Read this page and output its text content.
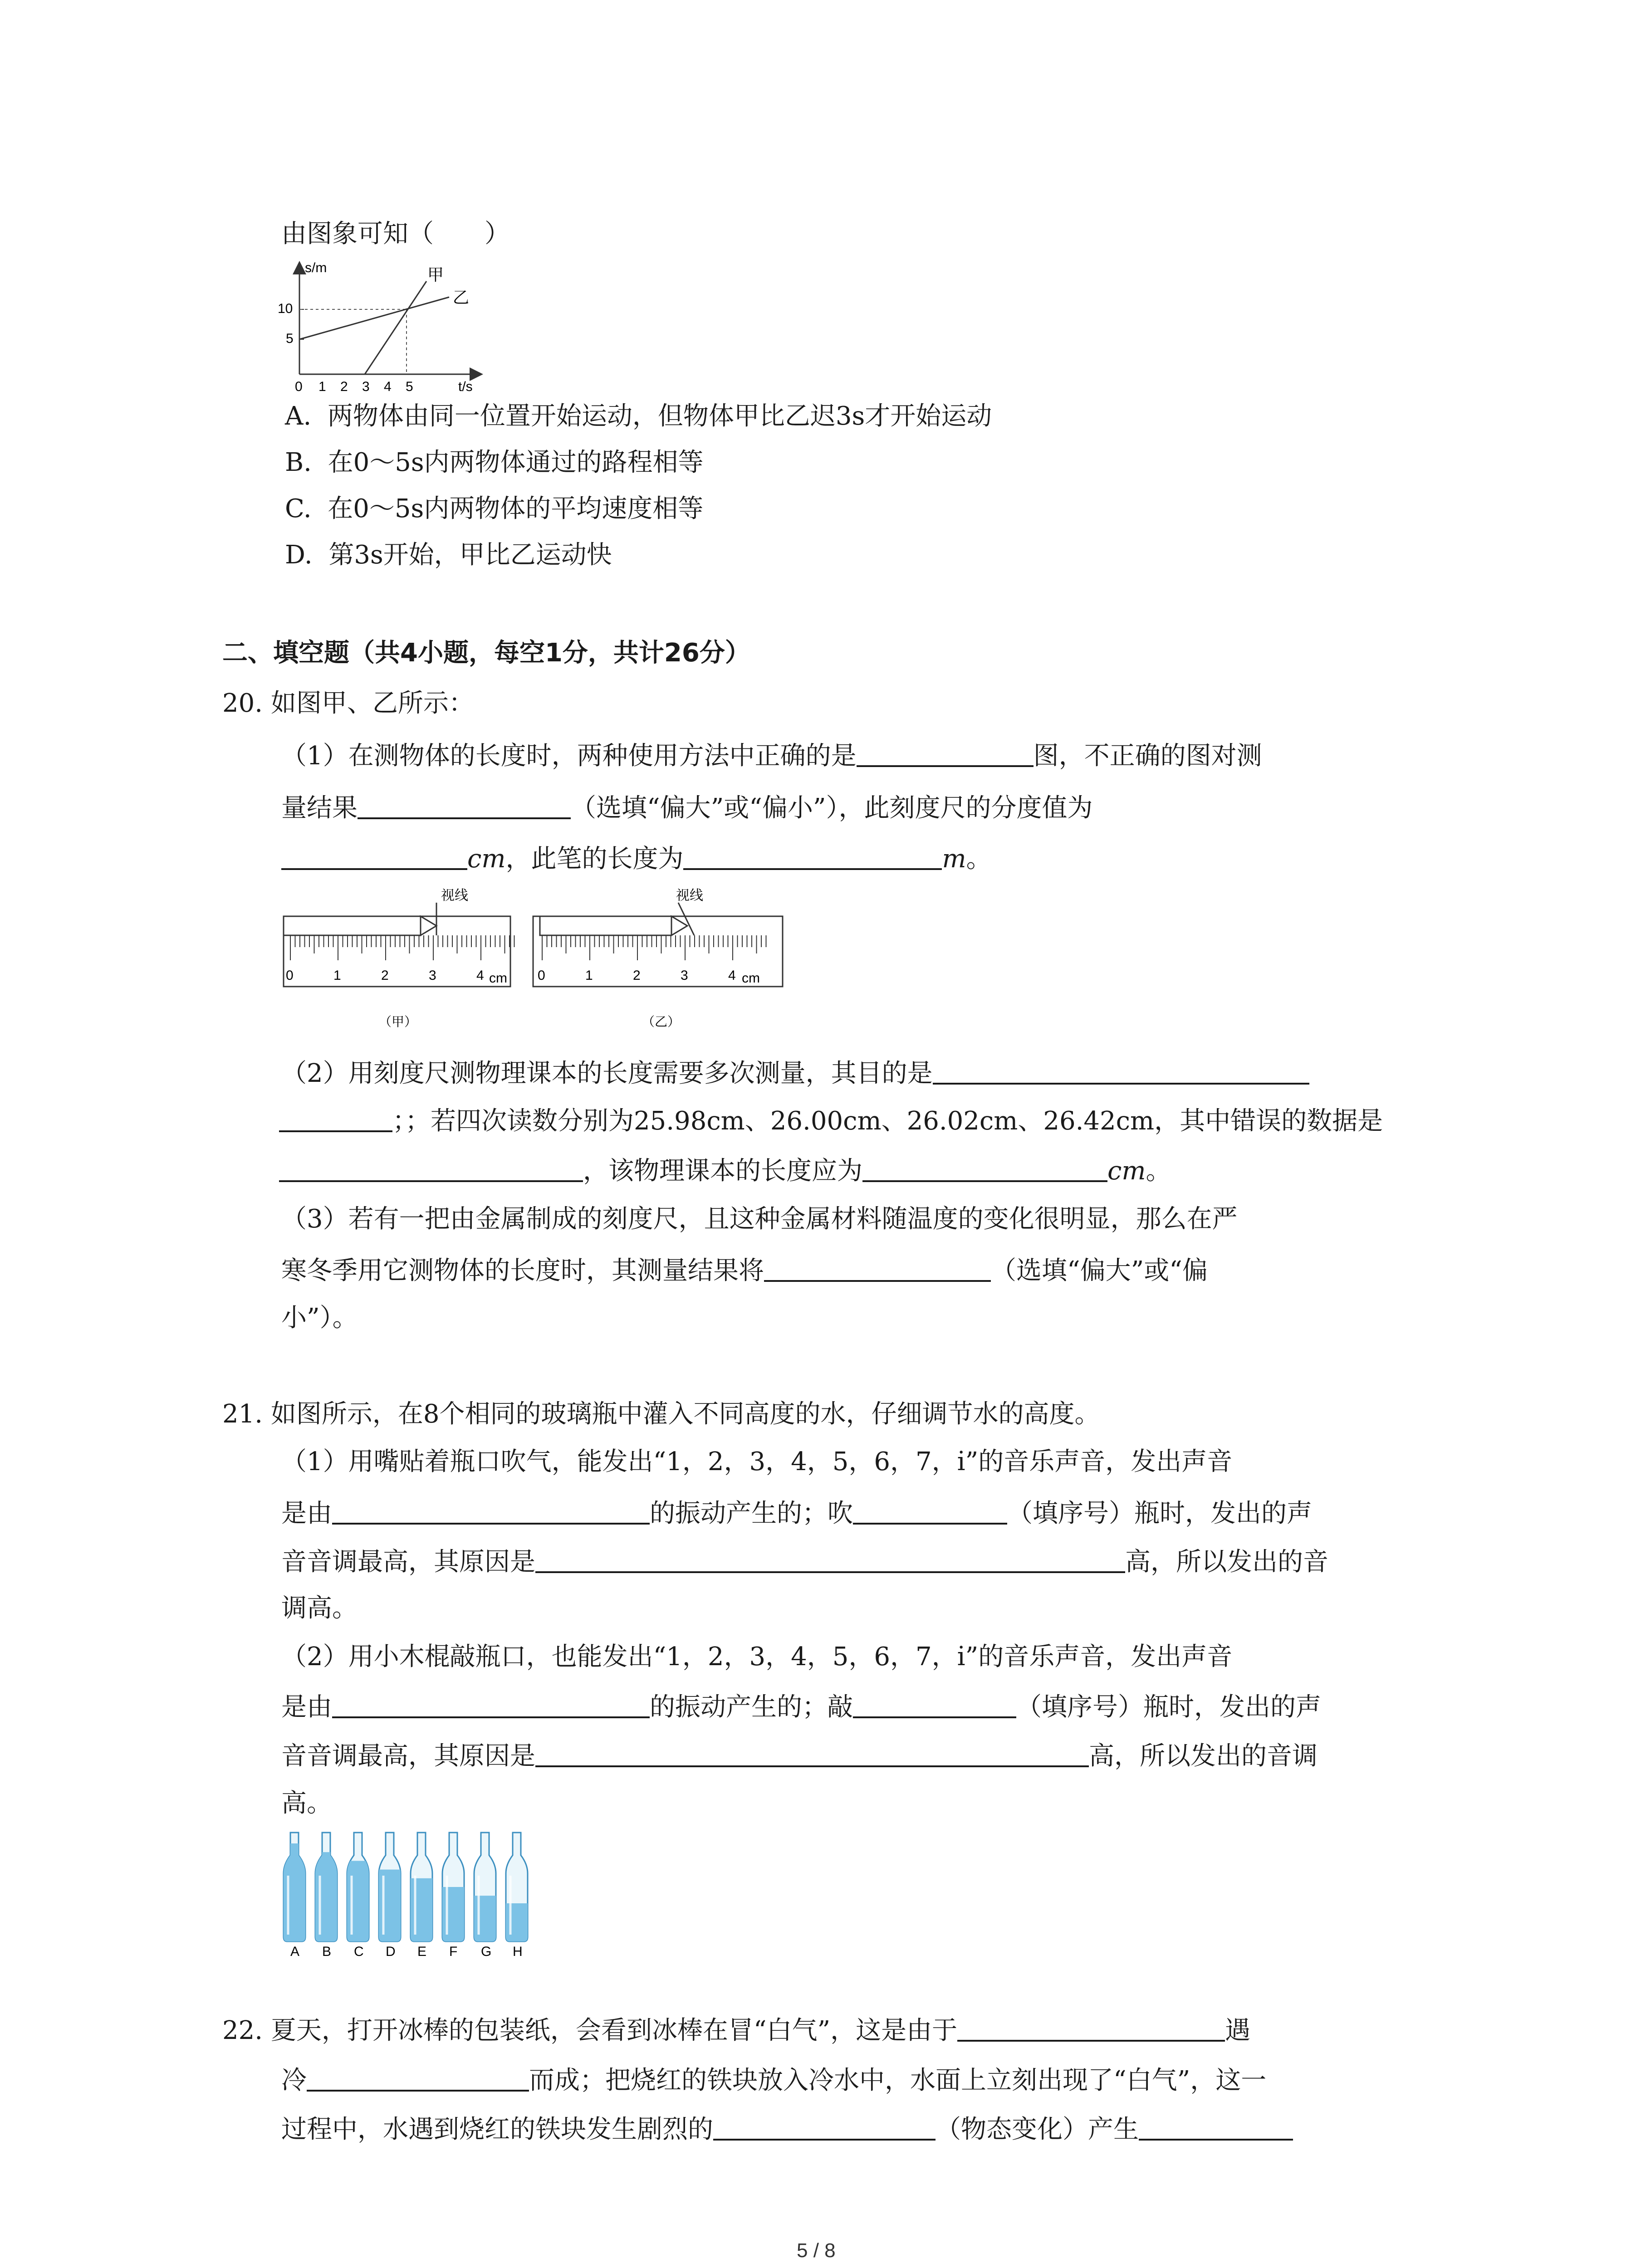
由图象可知（　　）
s/m
t/s
5
10
0 1 2 3 4 5
甲
乙
A. 两物体由同一位置开始运动，但物体甲比乙迟3s才开始运动
B. 在0～5s内两物体通过的路程相等
C. 在0～5s内两物体的平均速度相等
D. 第3s开始，甲比乙运动快
二、填空题（共4小题，每空1分，共计26分）
20. 如图甲、乙所示：
（1）在测物体的长度时，两种使用方法中正确的是	图，不正确的图对测
量结果	（选填“偏大”或“偏小”），此刻度尺的分度值为
cm，此笔的长度为	m。
视线
0	1	2	3	4 cm
（甲）
视线
0	1	2	3	4 cm
（乙）
（2）用刻度尺测物理课本的长度需要多次测量，其目的是
；；若四次读数分别为25.98cm、26.00cm、26.02cm、26.42cm，其中错误的数据是
，该物理课本的长度应为	cm。
（3）若有一把由金属制成的刻度尺，且这种金属材料随温度的变化很明显，那么在严
寒冬季用它测物体的长度时，其测量结果将	（选填“偏大”或“偏
小”）。
21. 如图所示，在8个相同的玻璃瓶中灌入不同高度的水，仔细调节水的高度。
（1）用嘴贴着瓶口吹气，能发出“1，2，3，4，5，6，7，i̇”的音乐声音，发出声音
是由	的振动产生的；吹	（填序号）瓶时，发出的声
音音调最高，其原因是	高，所以发出的音
调高。
（2）用小木棍敲瓶口，也能发出“1，2，3，4，5，6，7，i̇”的音乐声音，发出声音
是由	的振动产生的；敲	（填序号）瓶时，发出的声
音音调最高，其原因是	高，所以发出的音调
高。
A B C D E F G H
22. 夏天，打开冰棒的包装纸，会看到冰棒在冒“白气”，这是由于	遇
冷	而成；把烧红的铁块放入冷水中，水面上立刻出现了“白气”，这一
过程中，水遇到烧红的铁块发生剧烈的	（物态变化）产生
5 / 8
